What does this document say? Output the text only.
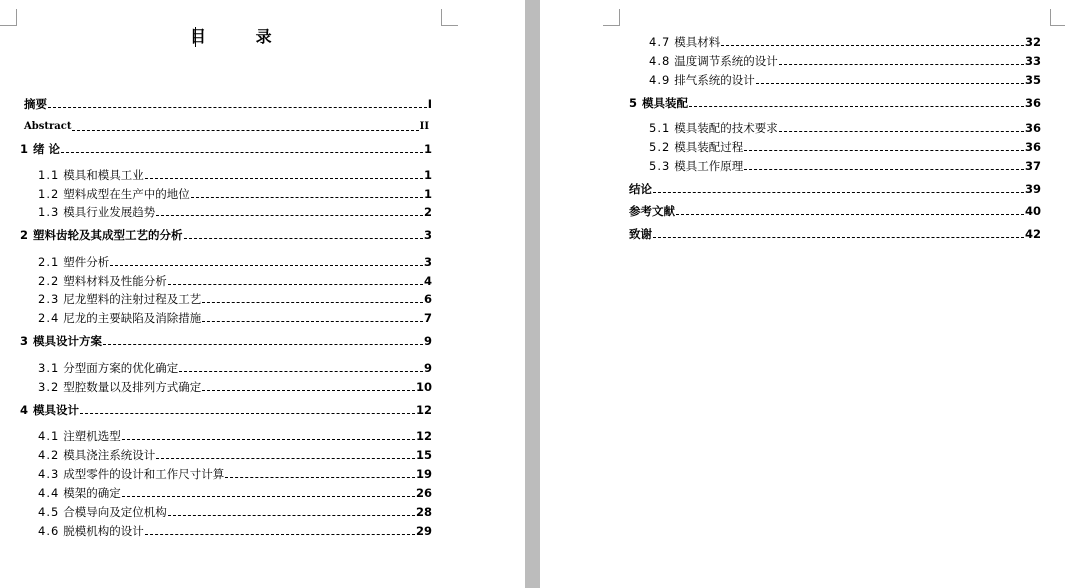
目 录
摘要	I
Abstract	II
1 绪 论	1
1.1 模具和模具工业	1
1.2 塑料成型在生产中的地位	1
1.3 模具行业发展趋势	2
2 塑料齿轮及其成型工艺的分析	3
2.1 塑件分析	3
2.2 塑料材料及性能分析	4
2.3 尼龙塑料的注射过程及工艺	6
2.4 尼龙的主要缺陷及消除措施	7
3 模具设计方案	9
3.1 分型面方案的优化确定	9
3.2 型腔数量以及排列方式确定	10
4 模具设计	12
4.1 注塑机选型	12
4.2 模具浇注系统设计	15
4.3 成型零件的设计和工作尺寸计算	19
4.4 模架的确定	26
4.5 合模导向及定位机构	28
4.6 脱模机构的设计	29
4.7 模具材料	32
4.8 温度调节系统的设计	33
4.9 排气系统的设计	35
5 模具装配	36
5.1 模具装配的技术要求	36
5.2 模具装配过程	36
5.3 模具工作原理	37
结论	39
参考文献	40
致谢	42
